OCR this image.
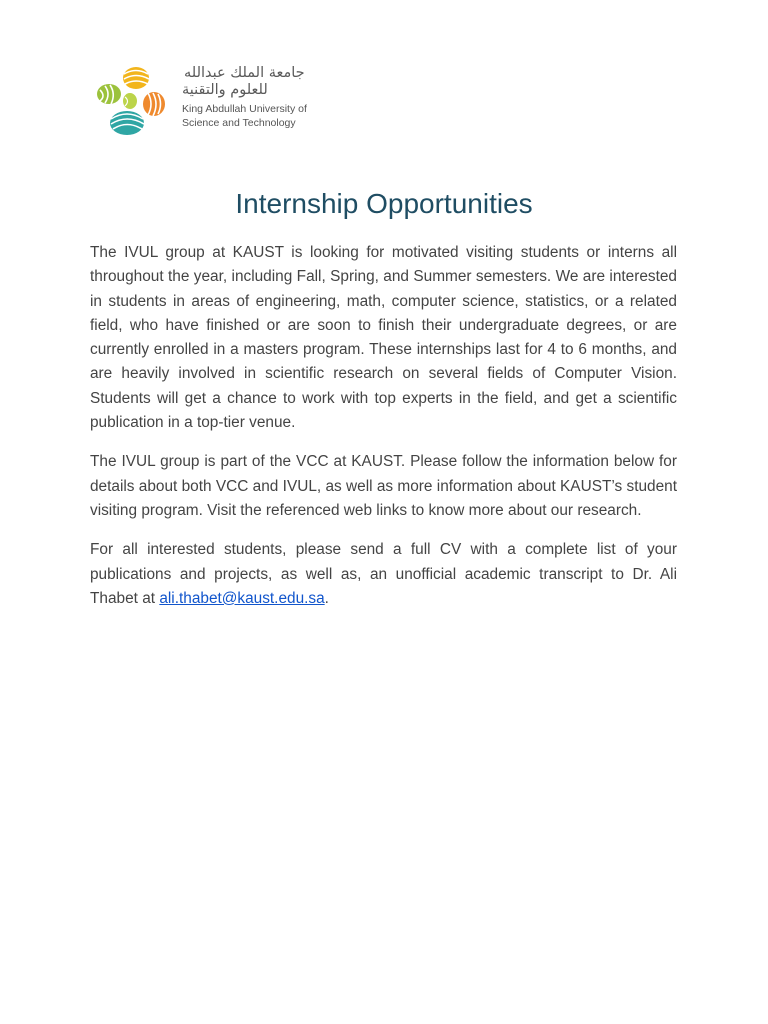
جامعة الملك عبدالله
للعلوم والتقنية
King Abdullah University of
Science and Technology
Internship Opportunities

The IVUL group at KAUST is looking for motivated visiting students or interns all throughout the year, including Fall, Spring, and Summer semesters. We are interested in students in areas of engineering, math, computer science, statistics, or a related field, who have finished or are soon to finish their undergraduate degrees, or are currently enrolled in a masters program. These internships last for 4 to 6 months, and are heavily involved in scientific research on several fields of Computer Vision. Students will get a chance to work with top experts in the field, and get a scientific publication in a top-tier venue.

The IVUL group is part of the VCC at KAUST. Please follow the information below for details about both VCC and IVUL, as well as more information about KAUST’s student visiting program. Visit the referenced web links to know more about our research.

For all interested students, please send a full CV with a complete list of your publications and projects, as well as, an unofficial academic transcript to Dr. Ali Thabet at ali.thabet@kaust.edu.sa.
